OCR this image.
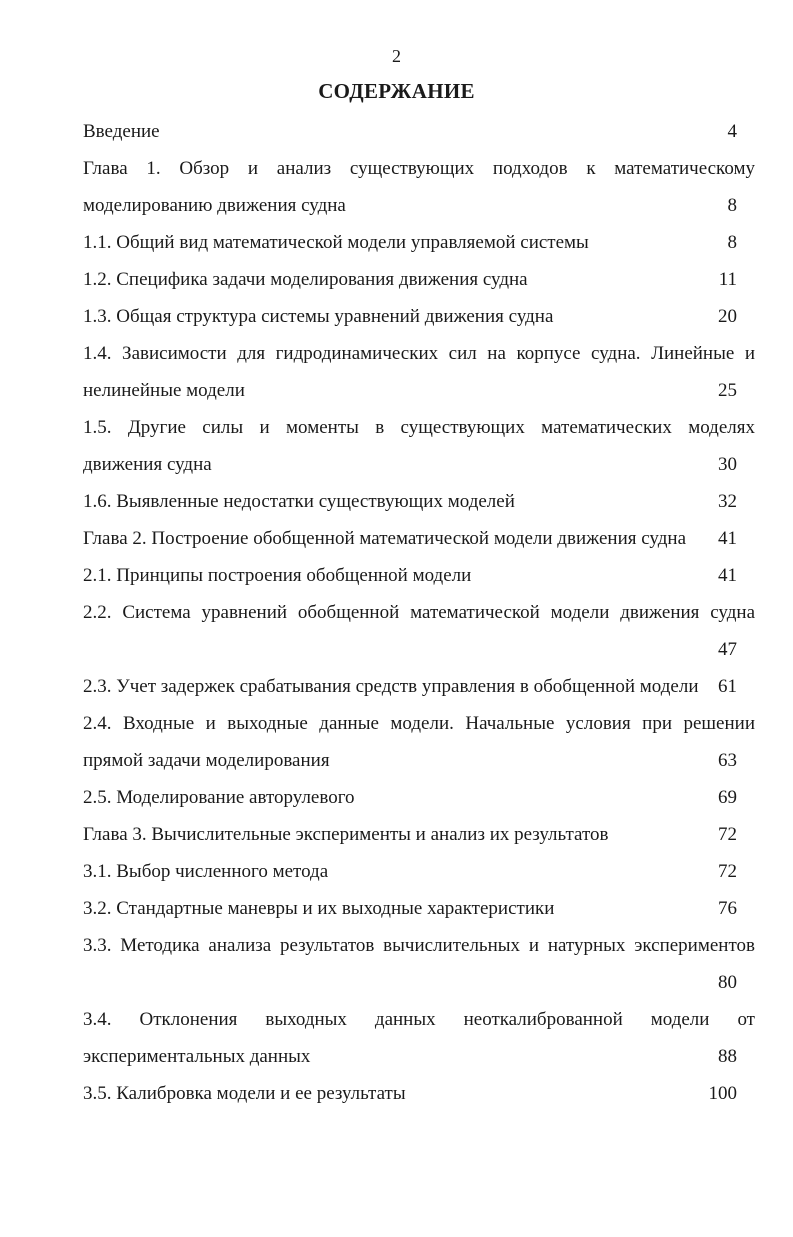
2
СОДЕРЖАНИЕ
Введение	4
Глава 1. Обзор и анализ существующих подходов к математическому
моделированию движения судна	8
1.1. Общий вид математической модели управляемой системы	8
1.2. Специфика задачи моделирования движения судна	11
1.3. Общая структура системы уравнений движения судна	20
1.4. Зависимости для гидродинамических сил на корпусе судна. Линейные и
нелинейные модели	25
1.5. Другие силы и моменты в существующих математических моделях
движения судна	30
1.6. Выявленные недостатки существующих моделей	32
Глава 2. Построение обобщенной математической модели движения судна 41
2.1. Принципы построения обобщенной модели	41
2.2. Система уравнений обобщенной математической модели движения судна
47
2.3. Учет задержек срабатывания средств управления в обобщенной модели 61
2.4. Входные и выходные данные модели. Начальные условия при решении
прямой задачи моделирования	63
2.5. Моделирование авторулевого	69
Глава 3. Вычислительные эксперименты и анализ их результатов	72
3.1. Выбор численного метода	72
3.2. Стандартные маневры и их выходные характеристики	76
3.3. Методика анализа результатов вычислительных и натурных экспериментов
80
3.4. Отклонения выходных данных неоткалиброванной модели от
экспериментальных данных	88
3.5. Калибровка модели и ее результаты	100
